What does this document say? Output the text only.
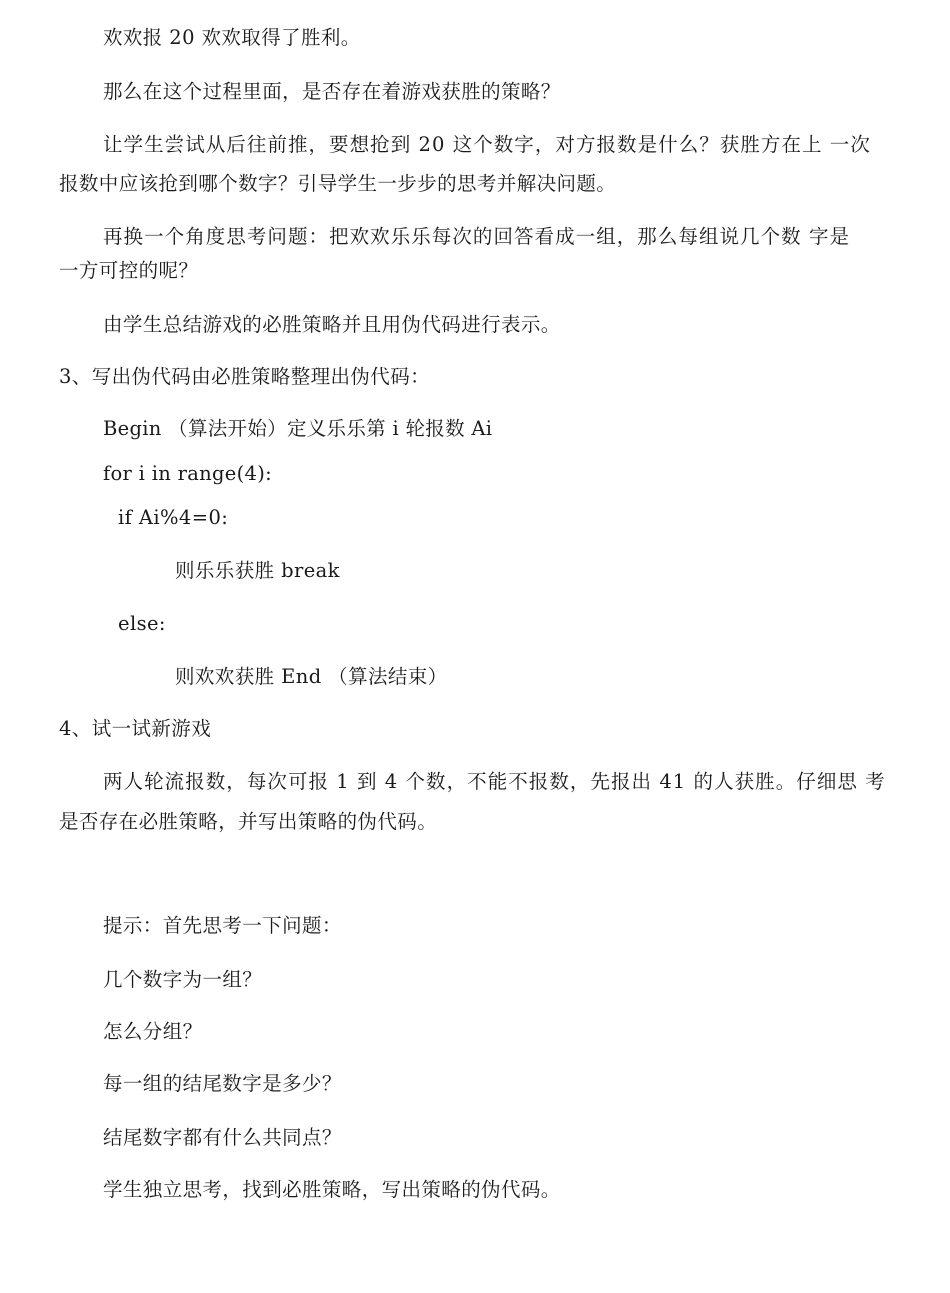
欢欢报 20 欢欢取得了胜利。
那么在这个过程里面，是否存在着游戏获胜的策略？
让学生尝试从后往前推，要想抢到 20 这个数字，对方报数是什么？获胜方在上 一次
报数中应该抢到哪个数字？引导学生一步步的思考并解决问题。
再换一个角度思考问题：把欢欢乐乐每次的回答看成一组，那么每组说几个数 字是
一方可控的呢？
由学生总结游戏的必胜策略并且用伪代码进行表示。
3、写出伪代码由必胜策略整理出伪代码：
Begin （算法开始）定义乐乐第 i 轮报数 Ai
for i in range(4):
if Ai%4=0:
则乐乐获胜 break
else:
则欢欢获胜 End （算法结束）
4、试一试新游戏
两人轮流报数，每次可报 1 到 4 个数，不能不报数，先报出 41 的人获胜。仔细思 考
是否存在必胜策略，并写出策略的伪代码。
提示：首先思考一下问题：
几个数字为一组？
怎么分组？
每一组的结尾数字是多少？
结尾数字都有什么共同点？
学生独立思考，找到必胜策略，写出策略的伪代码。
